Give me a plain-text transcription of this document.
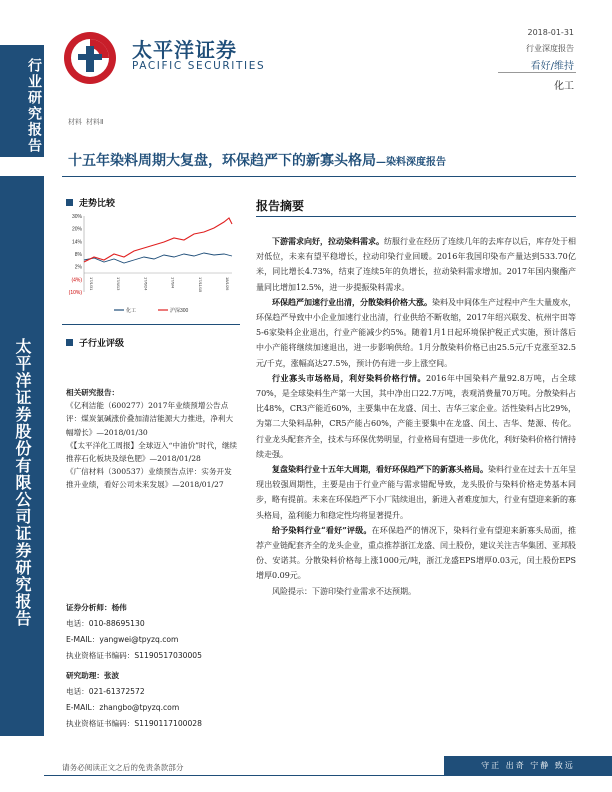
行业研究报告
太平洋证券股份有限公司证券研究报告
太平洋证券
PACIFIC SECURITIES
2018-01-31
行业深度报告
看好/维持
化工
材料 材料Ⅱ
十五年染料周期大复盘，环保趋严下的新寡头格局—染料深度报告
走势比较
30%
20%
14%
8%
2%
(4%)
(10%)
17/1/31	17/4/13	17/6/24	17/9/4	17/11/15	18/1/26
化工	沪深300
子行业评级

相关研究报告：

《亿利洁能（600277）2017年业绩预增公告点评：煤炭氯碱涨价叠加清洁能源大力推进，净利大幅增长》—2018/01/30

《【太平洋化工周报】全球迈入“中油价”时代，继续推荐石化板块及绿色肥》—2018/01/28

《广信材料（300537）业绩预告点评：实务开发推升业绩，看好公司未来发展》—2018/01/27

证券分析师：杨伟
电话：010-88695130
E-MAIL：yangwei@tpyzq.com
执业资格证书编码：S1190517030005
研究助理：张波
电话：021-61372572
E-MAIL：zhangbo@tpyzq.com
执业资格证书编码：S1190117100028
报告摘要

下游需求向好，拉动染料需求。纺服行业在经历了连续几年的去库存以后，库存处于相对低位，未来有望平稳增长，拉动印染行业回暖。2016年我国印染布产量达到533.70亿米，同比增长4.73%，结束了连续5年的负增长，拉动染料需求增加。2017年国内聚酯产量同比增加12.5%，进一步提振染料需求。

环保趋严加速行业出清，分散染料价格大涨。染料及中间体生产过程中产生大量废水，环保趋严导致中小企业加速行业出清，行业供给不断收缩，2017年绍兴联发、杭州宇田等5-6家染料企业退出，行业产能减少约5%。随着1月1日起环境保护税正式实施，预计落后中小产能将继续加速退出，进一步影响供给。1月分散染料价格已由25.5元/千克涨至32.5元/千克，涨幅高达27.5%，预计仍有进一步上涨空间。

行业寡头市场格局，利好染料价格行情。2016年中国染料产量92.8万吨，占全球70%，是全球染料生产第一大国，其中净出口22.7万吨，表观消费量70万吨。分散染料占比48%，CR3产能近60%，主要集中在龙盛、闰土、吉华三家企业。活性染料占比29%，为第二大染料品种，CR5产能占60%，产能主要集中在龙盛、闰土、吉华、楚源、传化。行业龙头配套齐全，技术与环保优势明显，行业格局有望进一步优化，利好染料价格行情持续走强。

复盘染料行业十五年大周期，看好环保趋严下的新寡头格局。染料行业在过去十五年呈现出较强周期性，主要是由于行业产能与需求错配导致，龙头股价与染料价格走势基本同步，略有提前。未来在环保趋严下小厂陆续退出，新进入者难度加大，行业有望迎来新的寡头格局，盈利能力和稳定性均将显著提升。

给予染料行业“看好”评级。在环保趋严的情况下，染料行业有望迎来新寡头局面，推荐产业链配套齐全的龙头企业，重点推荐浙江龙盛、闰土股份，建议关注吉华集团、亚邦股份、安诺其。分散染料价格每上涨1000元/吨，浙江龙盛EPS增厚0.03元，闰土股份EPS增厚0.09元。

风险提示：下游印染行业需求不达预期。

请务必阅读正文之后的免责条款部分	守正 出奇 宁静 致远
